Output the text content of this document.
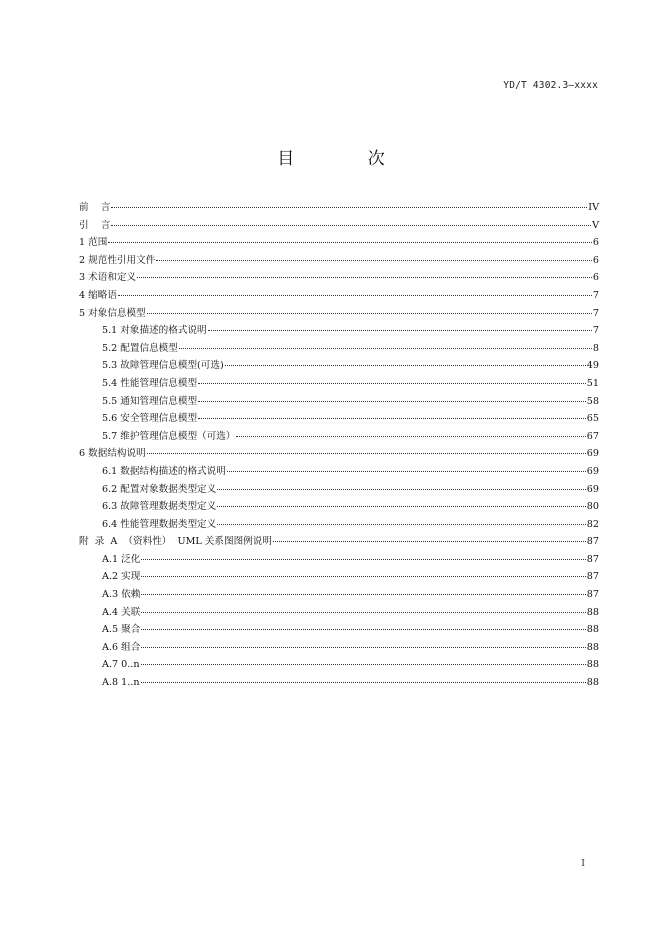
YD/T 4302.3—xxxx
目 次
前    言	IV
引    言	V
1 范围	6
2 规范性引用文件	6
3 术语和定义	6
4 缩略语	7
5 对象信息模型	7
5.1 对象描述的格式说明	7
5.2 配置信息模型	8
5.3 故障管理信息模型(可选)	49
5.4 性能管理信息模型	51
5.5 通知管理信息模型	58
5.6 安全管理信息模型	65
5.7 维护管理信息模型（可选）	67
6 数据结构说明	69
6.1 数据结构描述的格式说明	69
6.2 配置对象数据类型定义	69
6.3 故障管理数据类型定义	80
6.4 性能管理数据类型定义	82
附  录  A  （资料性）  UML 关系图图例说明	87
A.1 泛化	87
A.2 实现	87
A.3 依赖	87
A.4 关联	88
A.5 聚合	88
A.6 组合	88
A.7 0..n	88
A.8 1..n	88
I
